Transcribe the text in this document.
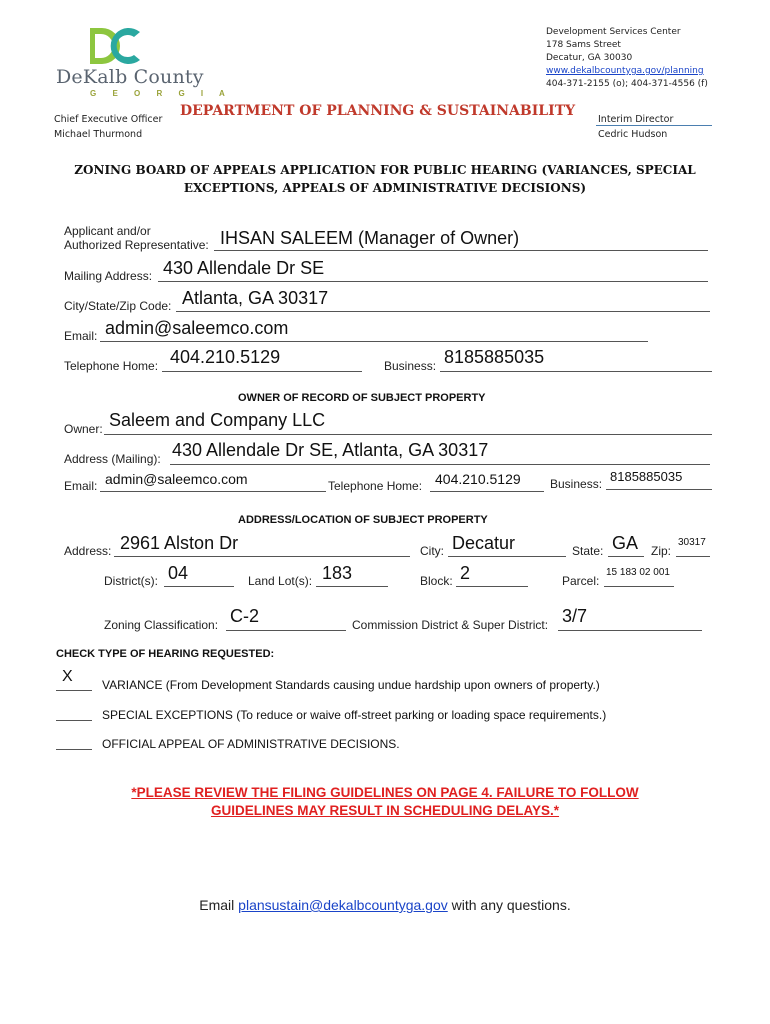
DeKalb County
G E O R G I A
Development Services Center
178 Sams Street
Decatur, GA 30030
www.dekalbcountyga.gov/planning
404-371-2155 (o); 404-371-4556 (f)
Chief Executive Officer
Michael Thurmond
DEPARTMENT OF PLANNING & SUSTAINABILITY
Interim Director
Cedric Hudson
ZONING BOARD OF APPEALS APPLICATION FOR PUBLIC HEARING (VARIANCES, SPECIAL
EXCEPTIONS, APPEALS OF ADMINISTRATIVE DECISIONS)
Applicant and/or
Authorized Representative: IHSAN SALEEM (Manager of Owner)
Mailing Address: 430 Allendale Dr SE
City/State/Zip Code: Atlanta, GA 30317
Email: admin@saleemco.com
Telephone Home: 404.210.5129	Business: 8185885035
OWNER OF RECORD OF SUBJECT PROPERTY
Owner: Saleem and Company LLC
Address (Mailing): 430 Allendale Dr SE, Atlanta, GA 30317
Email: admin@saleemco.com	Telephone Home: 404.210.5129 Business: 8185885035
ADDRESS/LOCATION OF SUBJECT PROPERTY
Address: 2961 Alston Dr	City: Decatur	State: GA Zip:
30317
District(s): 04	Land Lot(s): 183	Block: 2	Parcel:
15 183 02 001
Zoning Classification: C-2	Commission District & Super District: 3/7
CHECK TYPE OF HEARING REQUESTED:
X VARIANCE (From Development Standards causing undue hardship upon owners of property.)
SPECIAL EXCEPTIONS (To reduce or waive off-street parking or loading space requirements.)
OFFICIAL APPEAL OF ADMINISTRATIVE DECISIONS.
*PLEASE REVIEW THE FILING GUIDELINES ON PAGE 4. FAILURE TO FOLLOW
GUIDELINES MAY RESULT IN SCHEDULING DELAYS.*
Email plansustain@dekalbcountyga.gov with any questions.
